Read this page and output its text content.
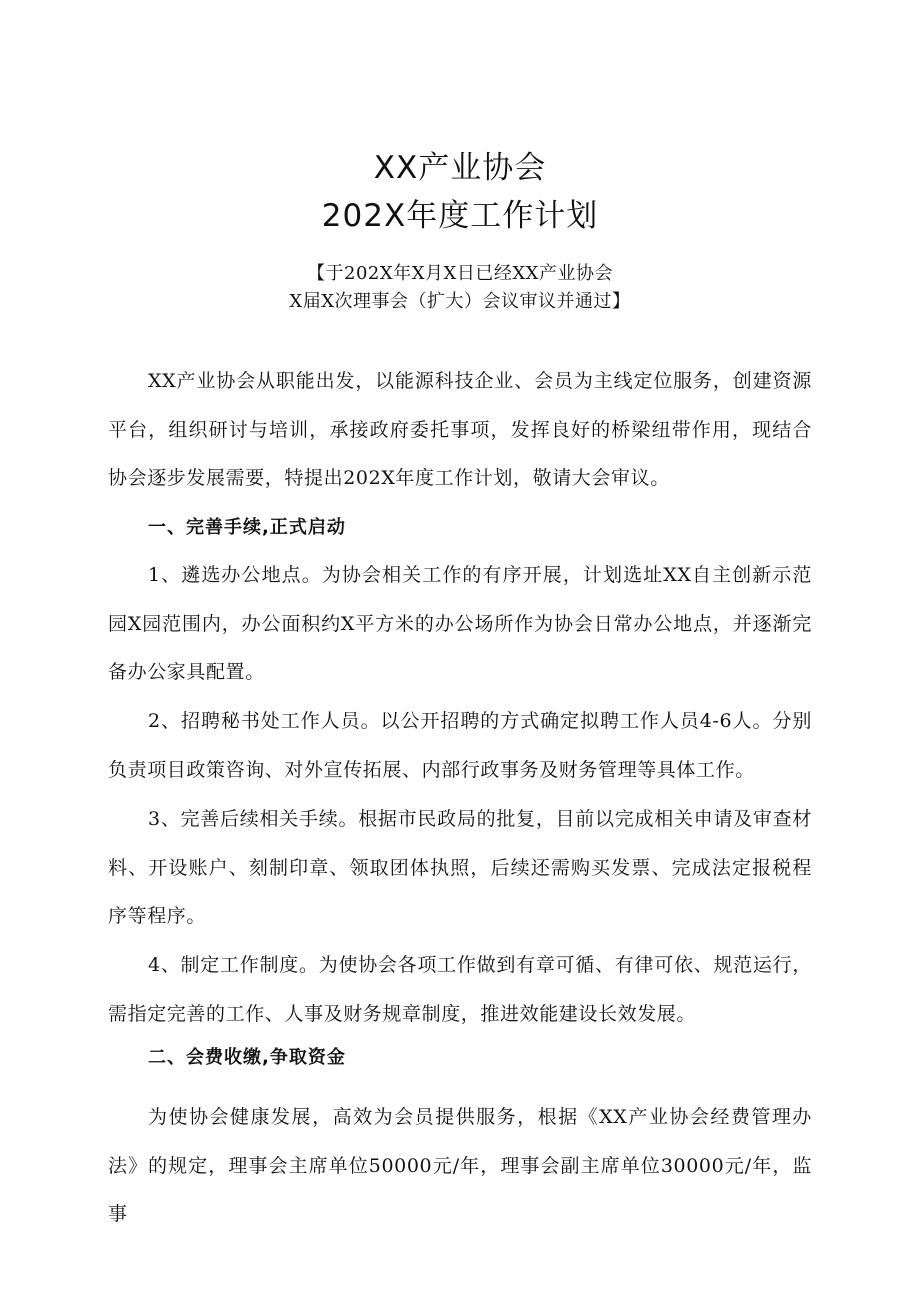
XX产业协会
202X年度工作计划
【于202X年X月X日已经XX产业协会
X届X次理事会（扩大）会议审议并通过】

XX产业协会从职能出发，以能源科技企业、会员为主线定位服务，创建资源平台，组织研讨与培训，承接政府委托事项，发挥良好的桥梁纽带作用，现结合协会逐步发展需要，特提出202X年度工作计划，敬请大会审议。

一、完善手续,正式启动

1、遴选办公地点。为协会相关工作的有序开展，计划选址XX自主创新示范园X园范围内，办公面积约X平方米的办公场所作为协会日常办公地点，并逐渐完备办公家具配置。

2、招聘秘书处工作人员。以公开招聘的方式确定拟聘工作人员4-6人。分别负责项目政策咨询、对外宣传拓展、内部行政事务及财务管理等具体工作。

3、完善后续相关手续。根据市民政局的批复，目前以完成相关申请及审查材料、开设账户、刻制印章、领取团体执照，后续还需购买发票、完成法定报税程序等程序。

4、制定工作制度。为使协会各项工作做到有章可循、有律可依、规范运行，需指定完善的工作、人事及财务规章制度，推进效能建设长效发展。

二、会费收缴,争取资金

为使协会健康发展，高效为会员提供服务，根据《XX产业协会经费管理办法》的规定，理事会主席单位50000元/年，理事会副主席单位30000元/年，监事
